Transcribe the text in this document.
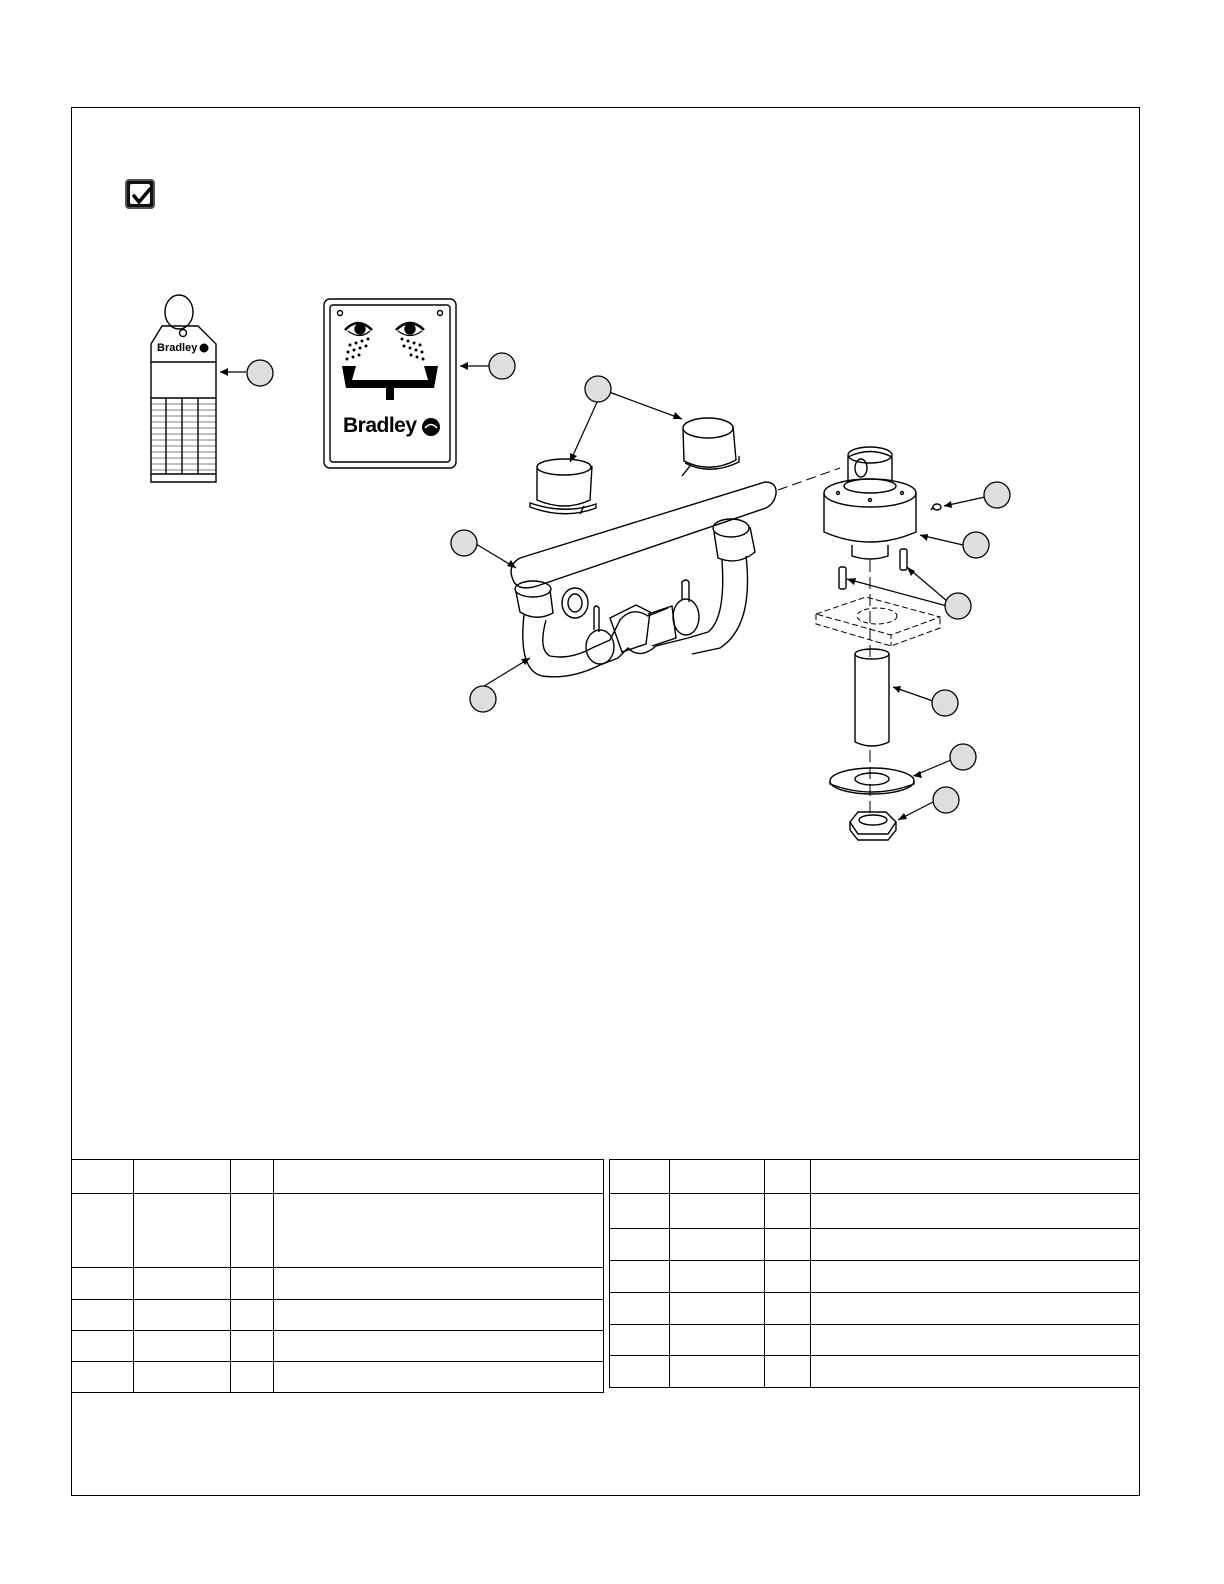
Bradley
Bradley
